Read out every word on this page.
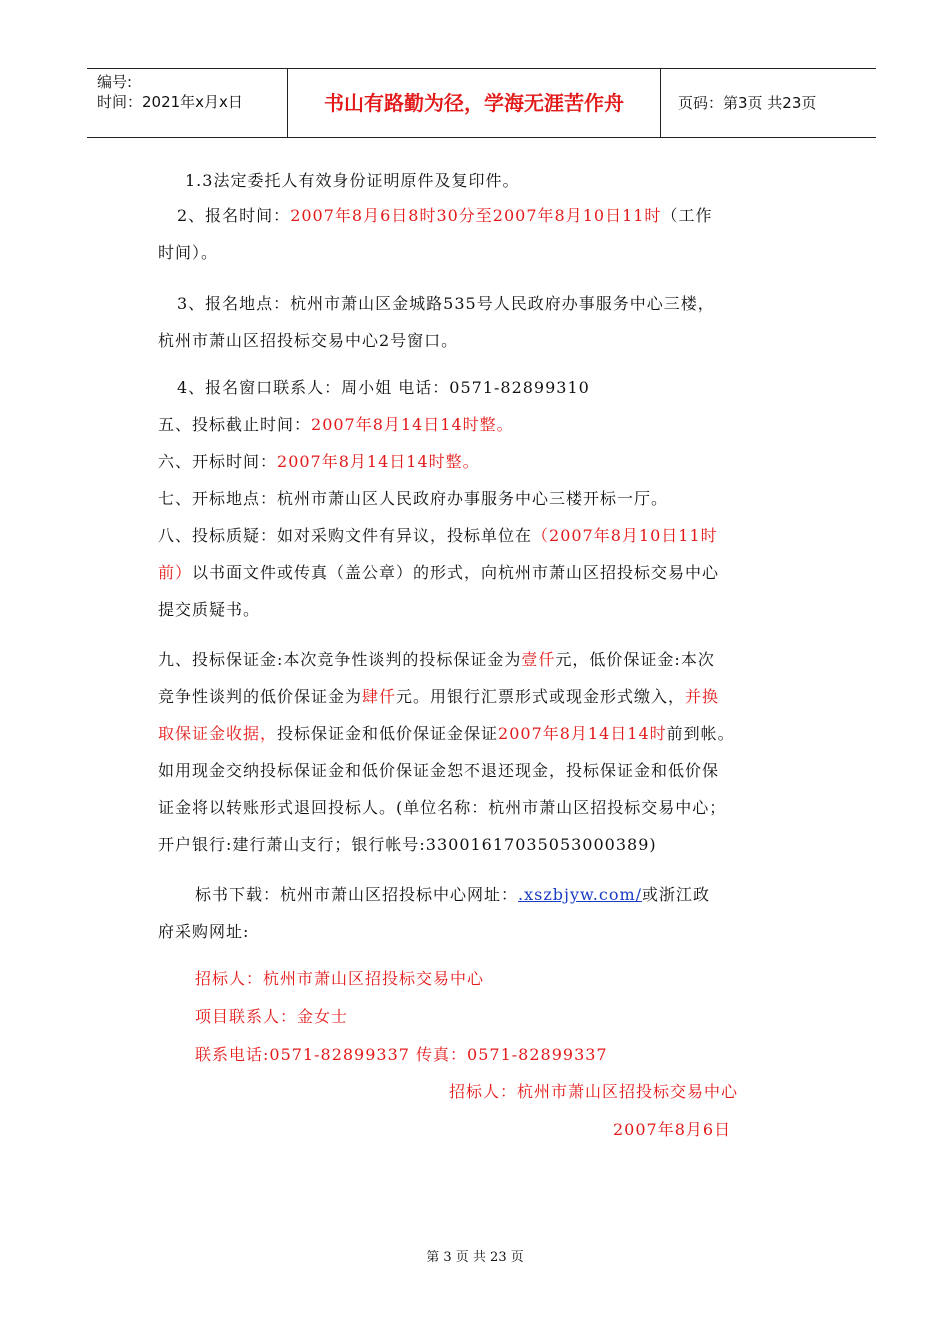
编号:
时间：2021年x月x日	书山有路勤为径，学海无涯苦作舟	页码：第3页 共23页
1.3法定委托人有效身份证明原件及复印件。
2、报名时间：2007年8月6日8时30分至2007年8月10日11时（工作
时间）。
3、报名地点：杭州市萧山区金城路535号人民政府办事服务中心三楼，
杭州市萧山区招投标交易中心2号窗口。
4、报名窗口联系人：周小姐 电话：0571-82899310
五、投标截止时间：2007年8月14日14时整。
六、开标时间：2007年8月14日14时整。
七、开标地点：杭州市萧山区人民政府办事服务中心三楼开标一厅。
八、投标质疑：如对采购文件有异议，投标单位在（2007年8月10日11时
前）以书面文件或传真（盖公章）的形式，向杭州市萧山区招投标交易中心
提交质疑书。
九、投标保证金:本次竞争性谈判的投标保证金为壹仟元，低价保证金:本次
竞争性谈判的低价保证金为肆仟元。用银行汇票形式或现金形式缴入，并换
取保证金收据，投标保证金和低价保证金保证2007年8月14日14时前到帐。
如用现金交纳投标保证金和低价保证金恕不退还现金，投标保证金和低价保
证金将以转账形式退回投标人。(单位名称：杭州市萧山区招投标交易中心；
开户银行:建行萧山支行；银行帐号:33001617035053000389)
标书下载：杭州市萧山区招投标中心网址：.xszbjyw.com/或浙江政
府采购网址:
招标人：杭州市萧山区招投标交易中心
项目联系人：金女士
联系电话:0571-82899337 传真：0571-82899337
招标人：杭州市萧山区招投标交易中心
2007年8月6日
第 3 页 共 23 页
